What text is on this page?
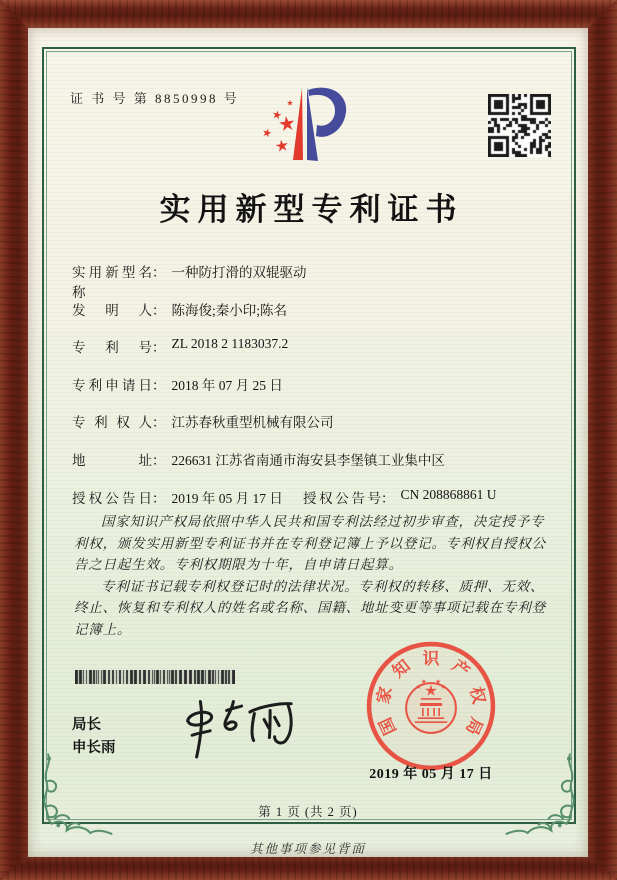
证 书 号 第 8850998 号
实用新型专利证书
实用新型名称
： 一种防打滑的双辊驱动
发明人 ： 陈海俊;秦小印;陈名
专利号 ： ZL 2018 2 1183037.2
专利申请日 ： 2018 年 07 月 25 日
专利权人 ： 江苏春秋重型机械有限公司
地址 ： 226631 江苏省南通市海安县李堡镇工业集中区
授权公告日 ： 2019 年 05 月 17 日 授权公告号 ： CN 208868861 U

国家知识产权局依照中华人民共和国专利法经过初步审查，决定授予专利权，颁发实用新型专利证书并在专利登记簿上予以登记。专利权自授权公告之日起生效。专利权期限为十年，自申请日起算。

专利证书记载专利权登记时的法律状况。专利权的转移、质押、无效、终止、恢复和专利权人的姓名或名称、国籍、地址变更等事项记载在专利登记簿上。

局长
申长雨
国
家
知 识 产
权
局
2019 年 05 月 17 日
第 1 页 (共 2 页)
其他事项参见背面
